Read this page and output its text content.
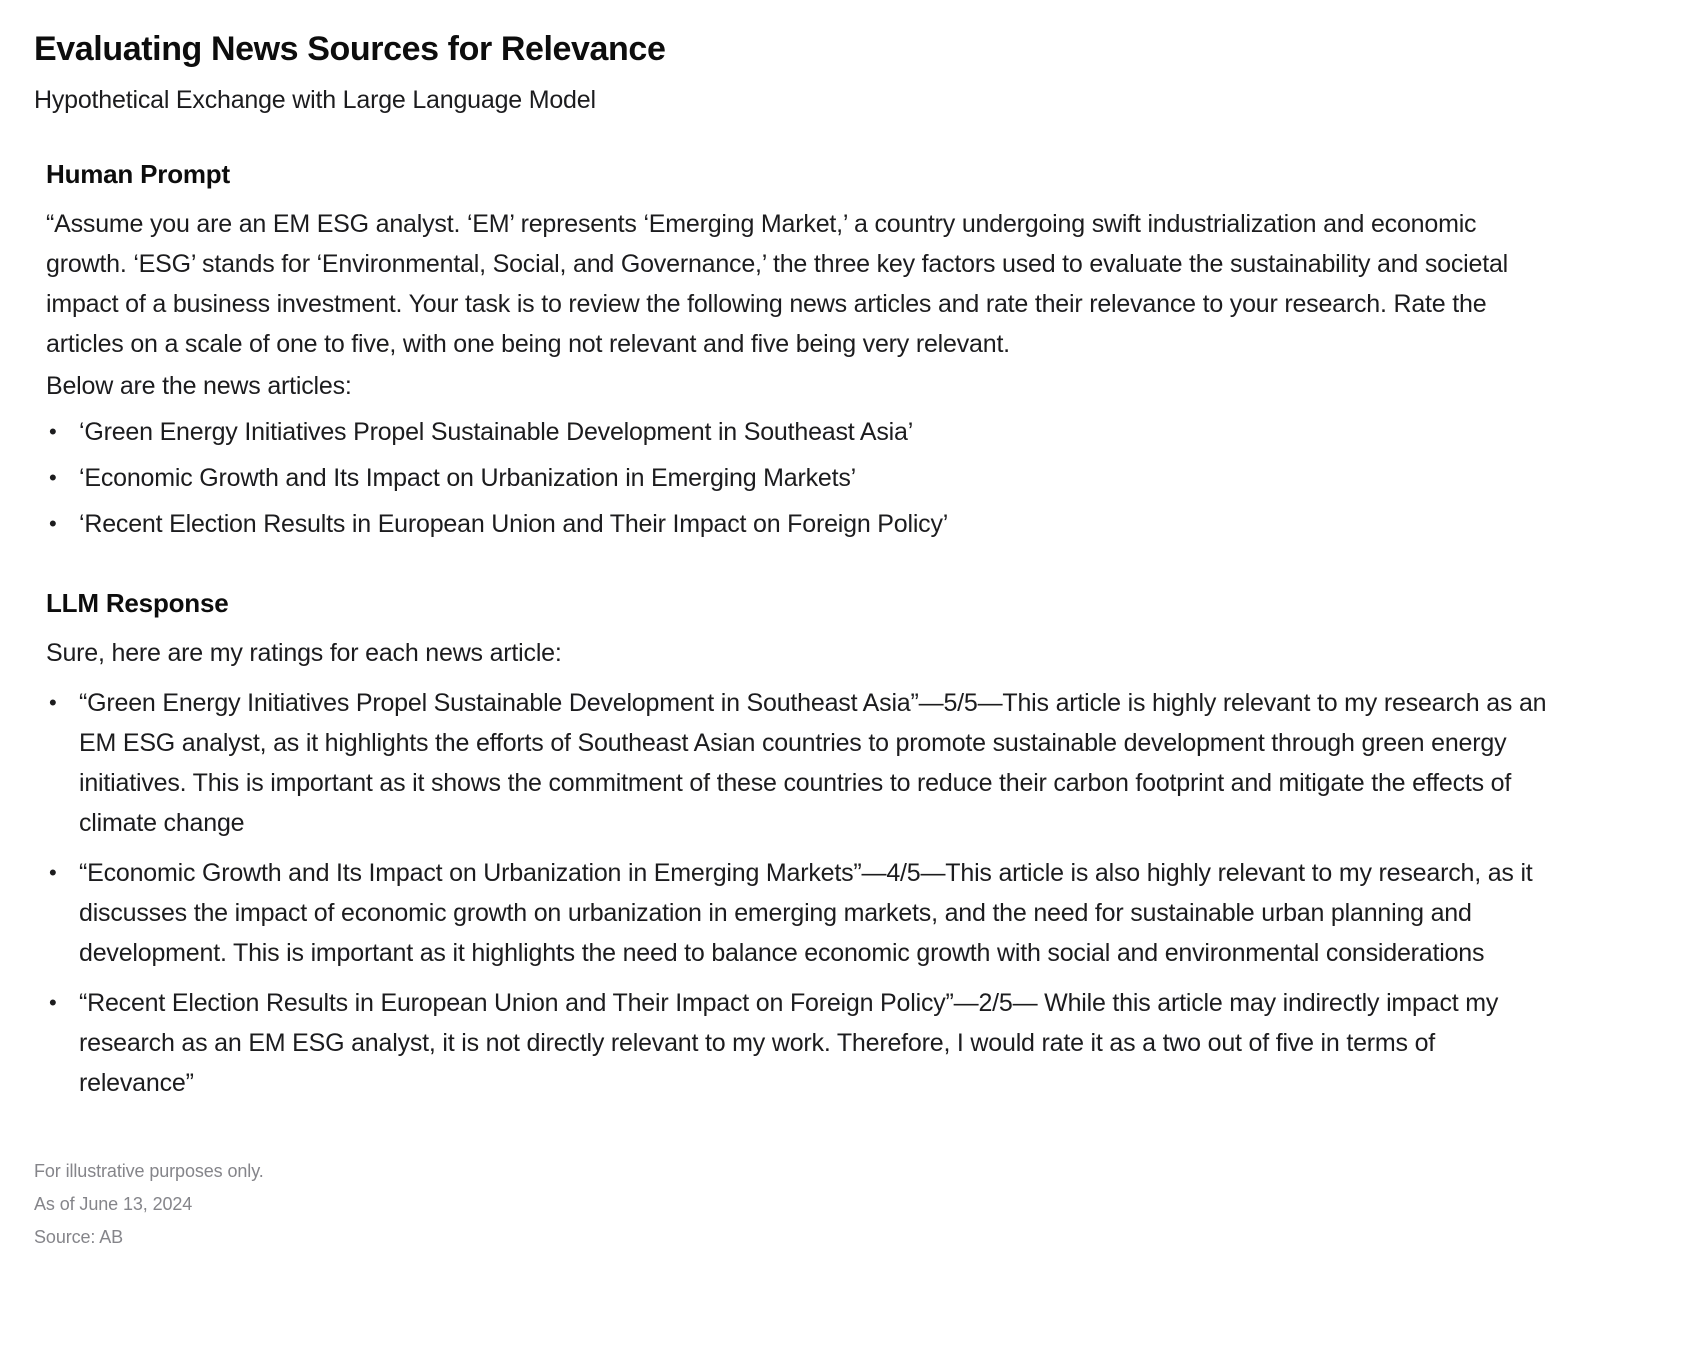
Evaluating News Sources for Relevance

Hypothetical Exchange with Large Language Model

Human Prompt

“Assume you are an EM ESG analyst. ‘EM’ represents ‘Emerging Market,’ a country undergoing swift industrialization and economic growth. ‘ESG’ stands for ‘Environmental, Social, and Governance,’ the three key factors used to evaluate the sustainability and societal impact of a business investment. Your task is to review the following news articles and rate their relevance to your research. Rate the articles on a scale of one to five, with one being not relevant and five being very relevant.

Below are the news articles:

• ‘Green Energy Initiatives Propel Sustainable Development in Southeast Asia’
• ‘Economic Growth and Its Impact on Urbanization in Emerging Markets’
• ‘Recent Election Results in European Union and Their Impact on Foreign Policy’
LLM Response

Sure, here are my ratings for each news article:

• “Green Energy Initiatives Propel Sustainable Development in Southeast Asia”—5/5—This article is highly relevant to my research as an EM ESG analyst, as it highlights the efforts of Southeast Asian countries to promote sustainable development through green energy initiatives. This is important as it shows the commitment of these countries to reduce their carbon footprint and mitigate the effects of climate change
• “Economic Growth and Its Impact on Urbanization in Emerging Markets”—4/5—This article is also highly relevant to my research, as it discusses the impact of economic growth on urbanization in emerging markets, and the need for sustainable urban planning and development. This is important as it highlights the need to balance economic growth with social and environmental considerations
• “Recent Election Results in European Union and Their Impact on Foreign Policy”—2/5— While this article may indirectly impact my research as an EM ESG analyst, it is not directly relevant to my work. Therefore, I would rate it as a two out of five in terms of relevance”

For illustrative purposes only.

As of June 13, 2024

Source: AB
